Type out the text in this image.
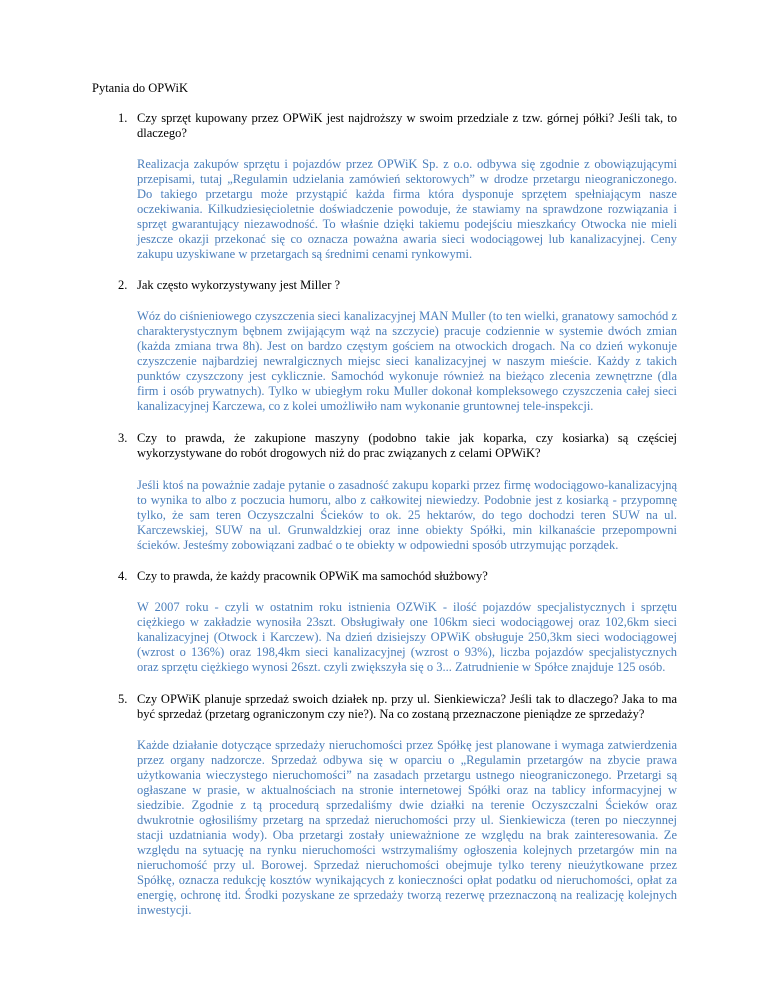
Pytania do OPWiK
1. Czy sprzęt kupowany przez OPWiK jest najdroższy w swoim przedziale z tzw. górnej półki? Jeśli tak, to dlaczego?

Realizacja zakupów sprzętu i pojazdów przez OPWiK Sp. z o.o. odbywa się zgodnie z obowiązującymi przepisami, tutaj „Regulamin udzielania zamówień sektorowych” w drodze przetargu nieograniczonego. Do takiego przetargu może przystąpić każda firma która dysponuje sprzętem spełniającym nasze oczekiwania. Kilkudziesięcioletnie doświadczenie powoduje, że stawiamy na sprawdzone rozwiązania i sprzęt gwarantujący niezawodność. To właśnie dzięki takiemu podejściu mieszkańcy Otwocka nie mieli jeszcze okazji przekonać się co oznacza poważna awaria sieci wodociągowej lub kanalizacyjnej. Ceny zakupu uzyskiwane w przetargach są średnimi cenami rynkowymi.

2. Jak często wykorzystywany jest Miller ?

Wóz do ciśnieniowego czyszczenia sieci kanalizacyjnej MAN Muller (to ten wielki, granatowy samochód z charakterystycznym bębnem zwijającym wąż na szczycie) pracuje codziennie w systemie dwóch zmian (każda zmiana trwa 8h). Jest on bardzo częstym gościem na otwockich drogach. Na co dzień wykonuje czyszczenie najbardziej newralgicznych miejsc sieci kanalizacyjnej w naszym mieście. Każdy z takich punktów czyszczony jest cyklicznie. Samochód wykonuje również na bieżąco zlecenia zewnętrzne (dla firm i osób prywatnych). Tylko w ubiegłym roku Muller dokonał kompleksowego czyszczenia całej sieci kanalizacyjnej Karczewa, co z kolei umożliwiło nam wykonanie gruntownej tele-inspekcji.

3. Czy to prawda, że zakupione maszyny (podobno takie jak koparka, czy kosiarka) są częściej wykorzystywane do robót drogowych niż do prac związanych z celami OPWiK?

Jeśli ktoś na poważnie zadaje pytanie o zasadność zakupu koparki przez firmę wodociągowo-kanalizacyjną to wynika to albo z poczucia humoru, albo z całkowitej niewiedzy. Podobnie jest z kosiarką - przypomnę tylko, że sam teren Oczyszczalni Ścieków to ok. 25 hektarów, do tego dochodzi teren SUW na ul. Karczewskiej, SUW na ul. Grunwaldzkiej oraz inne obiekty Spółki, min kilkanaście przepompowni ścieków. Jesteśmy zobowiązani zadbać o te obiekty w odpowiedni sposób utrzymując porządek.

4. Czy to prawda, że każdy pracownik OPWiK ma samochód służbowy?

W 2007 roku - czyli w ostatnim roku istnienia OZWiK - ilość pojazdów specjalistycznych i sprzętu ciężkiego w zakładzie wynosiła 23szt. Obsługiwały one 106km sieci wodociągowej oraz 102,6km sieci kanalizacyjnej (Otwock i Karczew). Na dzień dzisiejszy OPWiK obsługuje 250,3km sieci wodociągowej (wzrost o 136%) oraz 198,4km sieci kanalizacyjnej (wzrost o 93%), liczba pojazdów specjalistycznych oraz sprzętu ciężkiego wynosi 26szt. czyli zwiększyła się o 3... Zatrudnienie w Spółce znajduje 125 osób.

5. Czy OPWiK planuje sprzedaż swoich działek np. przy ul. Sienkiewicza? Jeśli tak to dlaczego? Jaka to ma być sprzedaż (przetarg ograniczonym czy nie?). Na co zostaną przeznaczone pieniądze ze sprzedaży?

Każde działanie dotyczące sprzedaży nieruchomości przez Spółkę jest planowane i wymaga zatwierdzenia przez organy nadzorcze. Sprzedaż odbywa się w oparciu o „Regulamin przetargów na zbycie prawa użytkowania wieczystego nieruchomości” na zasadach przetargu ustnego nieograniczonego. Przetargi są ogłaszane w prasie, w aktualnościach na stronie internetowej Spółki oraz na tablicy informacyjnej w siedzibie. Zgodnie z tą procedurą sprzedaliśmy dwie działki na terenie Oczyszczalni Ścieków oraz dwukrotnie ogłosiliśmy przetarg na sprzedaż nieruchomości przy ul. Sienkiewicza (teren po nieczynnej stacji uzdatniania wody). Oba przetargi zostały unieważnione ze względu na brak zainteresowania. Ze względu na sytuację na rynku nieruchomości wstrzymaliśmy ogłoszenia kolejnych przetargów min na nieruchomość przy ul. Borowej. Sprzedaż nieruchomości obejmuje tylko tereny nieużytkowane przez Spółkę, oznacza redukcję kosztów wynikających z konieczności opłat podatku od nieruchomości, opłat za energię, ochronę itd. Środki pozyskane ze sprzedaży tworzą rezerwę przeznaczoną na realizację kolejnych inwestycji.
